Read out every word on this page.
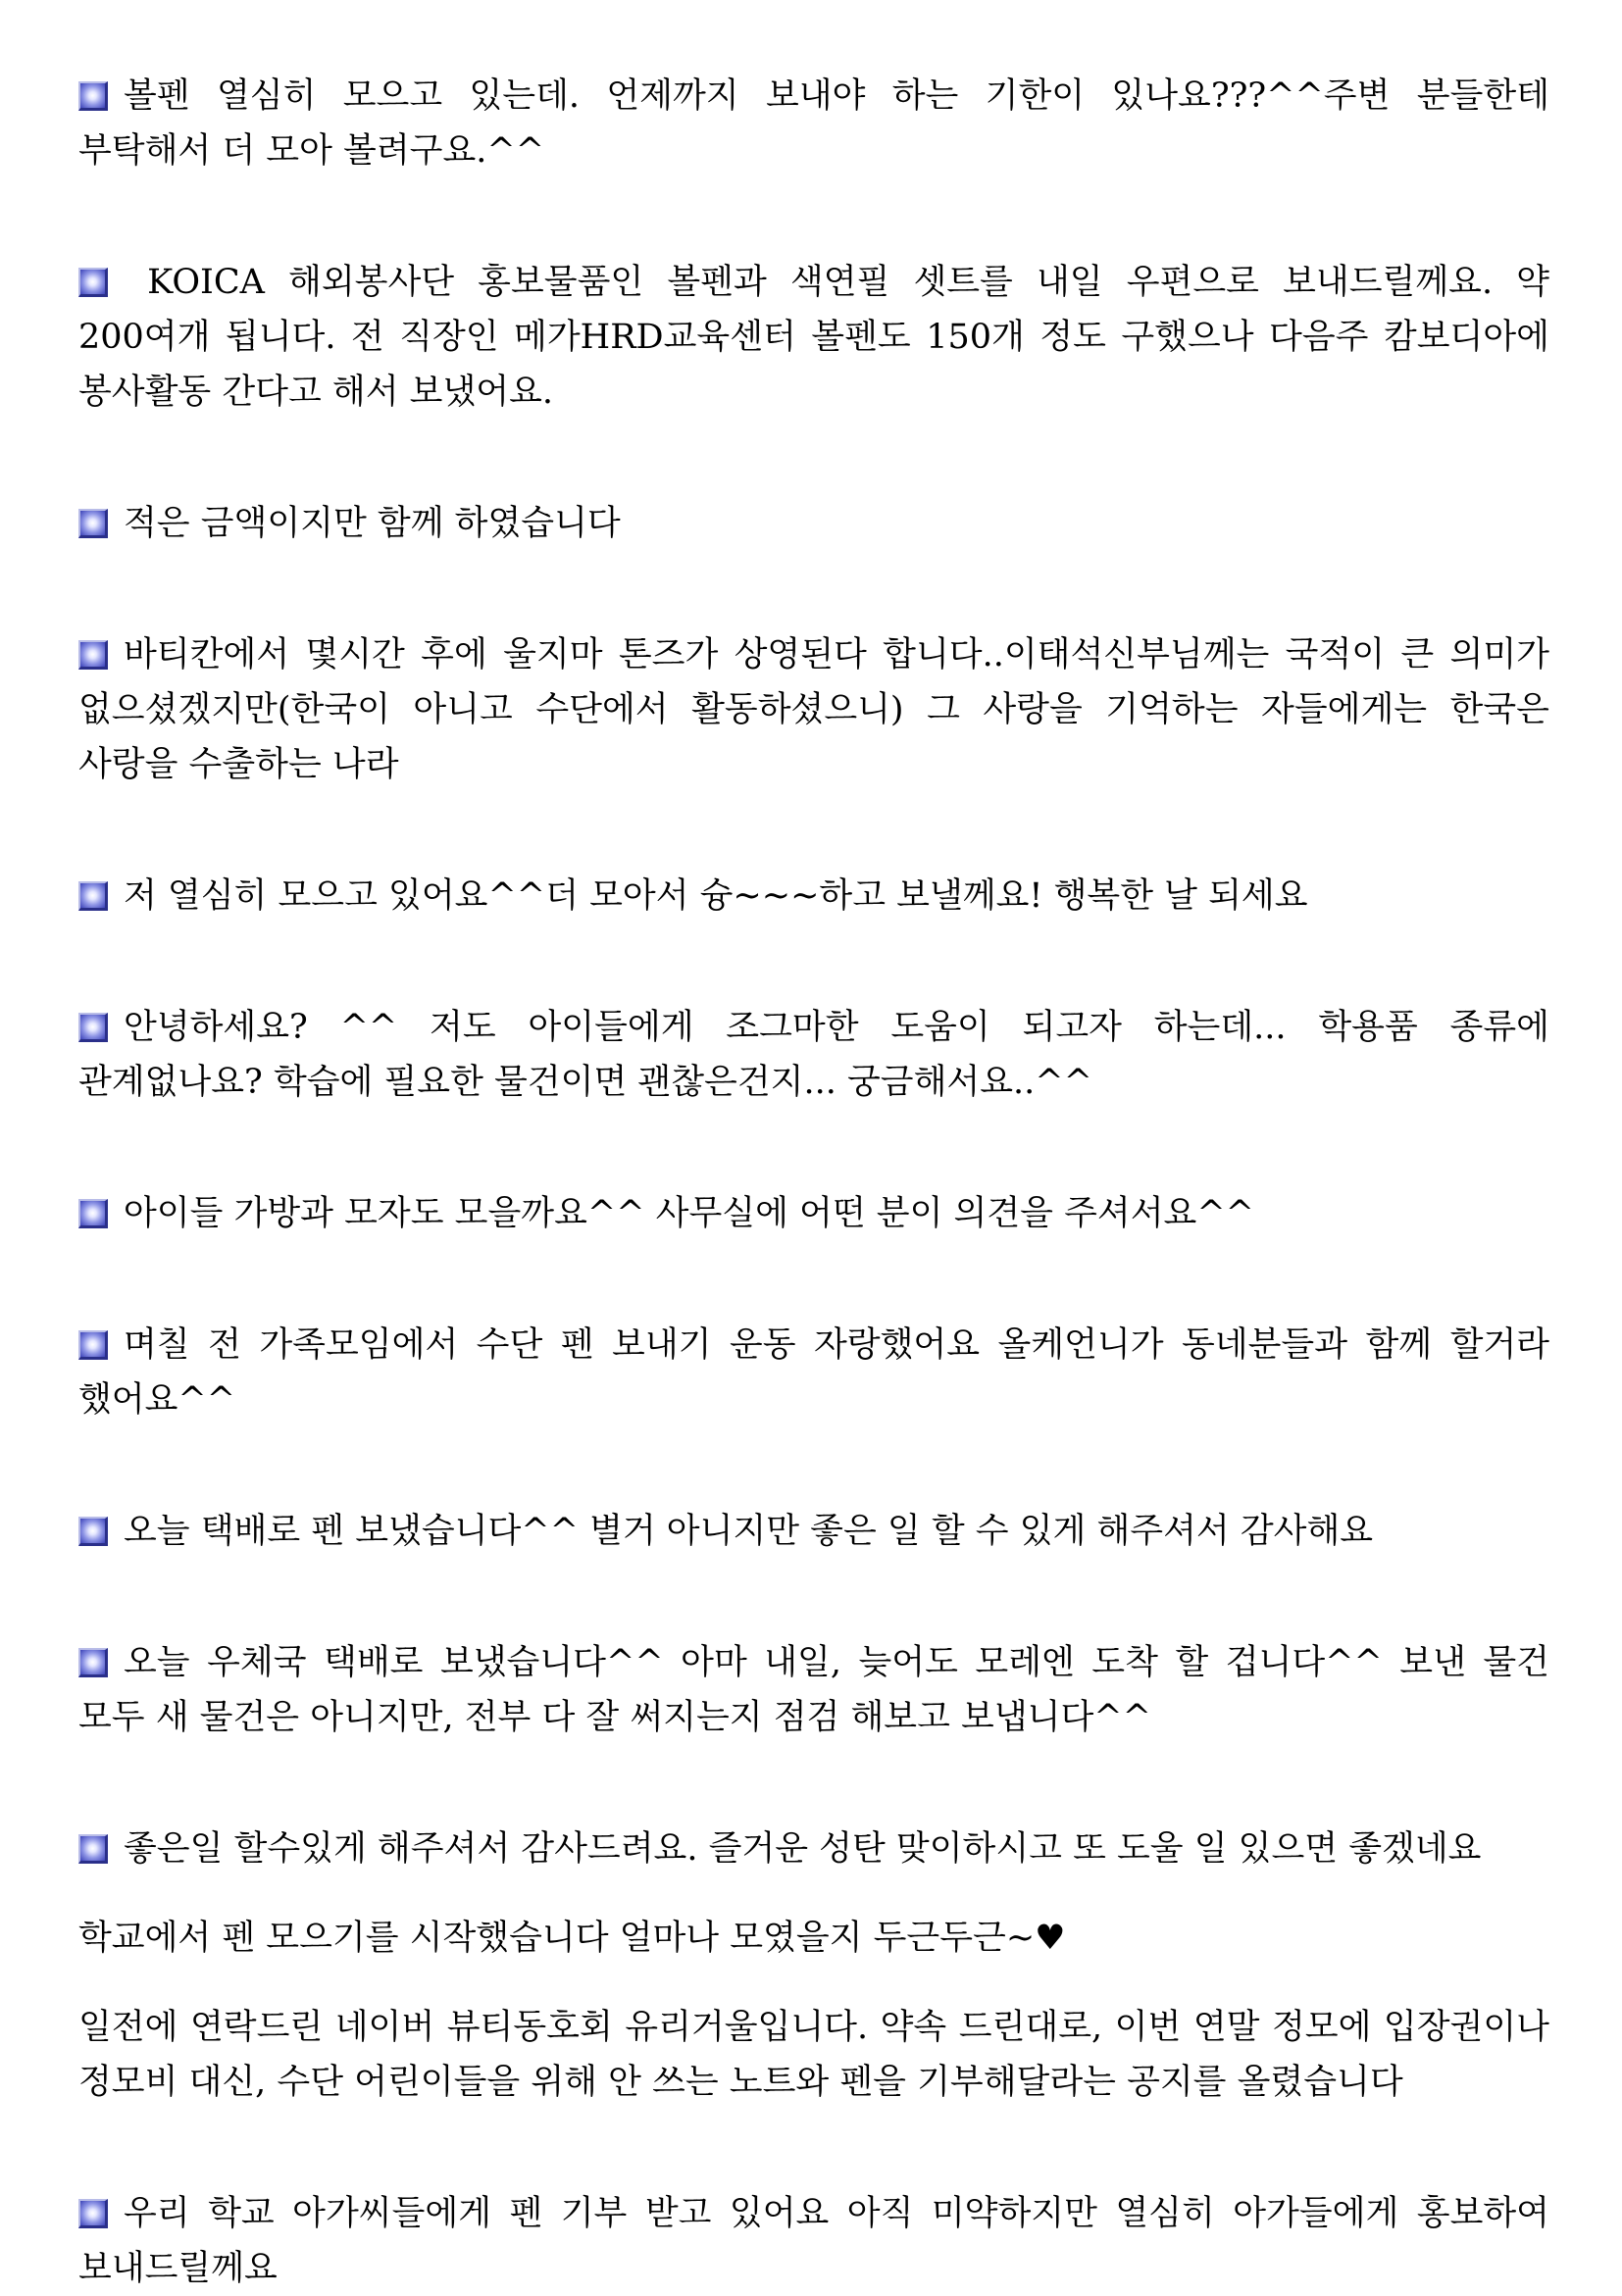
볼펜 열심히 모으고 있는데. 언제까지 보내야 하는 기한이 있나요???^^주변 분들한테 부탁해서 더 모아 볼려구요.^^

KOICA 해외봉사단 홍보물품인 볼펜과 색연필 셋트를 내일 우편으로 보내드릴께요. 약 200여개 됩니다. 전 직장인 메가HRD교육센터 볼펜도 150개 정도 구했으나 다음주 캄보디아에 봉사활동 간다고 해서 보냈어요.

적은 금액이지만 함께 하였습니다

바티칸에서 몇시간 후에 울지마 톤즈가 상영된다 합니다..이태석신부님께는 국적이 큰 의미가 없으셨겠지만(한국이 아니고 수단에서 활동하셨으니) 그 사랑을 기억하는 자들에게는 한국은 사랑을 수출하는 나라

저 열심히 모으고 있어요^^더 모아서 슝~~~하고 보낼께요! 행복한 날 되세요

안녕하세요? ^^ 저도 아이들에게 조그마한 도움이 되고자 하는데... 학용품 종류에 관계없나요? 학습에 필요한 물건이면 괜찮은건지... 궁금해서요..^^

아이들 가방과 모자도 모을까요^^ 사무실에 어떤 분이 의견을 주셔서요^^

며칠 전 가족모임에서 수단 펜 보내기 운동 자랑했어요 올케언니가 동네분들과 함께 할거라 했어요^^

오늘 택배로 펜 보냈습니다^^ 별거 아니지만 좋은 일 할 수 있게 해주셔서 감사해요

오늘 우체국 택배로 보냈습니다^^ 아마 내일, 늦어도 모레엔 도착 할 겁니다^^ 보낸 물건 모두 새 물건은 아니지만, 전부 다 잘 써지는지 점검 해보고 보냅니다^^

좋은일 할수있게 해주셔서 감사드려요. 즐거운 성탄 맞이하시고 또 도울 일 있으면 좋겠네요

학교에서 펜 모으기를 시작했습니다 얼마나 모였을지 두근두근~♥

일전에 연락드린 네이버 뷰티동호회 유리거울입니다. 약속 드린대로, 이번 연말 정모에 입장권이나 정모비 대신, 수단 어린이들을 위해 안 쓰는 노트와 펜을 기부해달라는 공지를 올렸습니다

우리 학교 아가씨들에게 펜 기부 받고 있어요 아직 미약하지만 열심히 아가들에게 홍보하여 보내드릴께요
